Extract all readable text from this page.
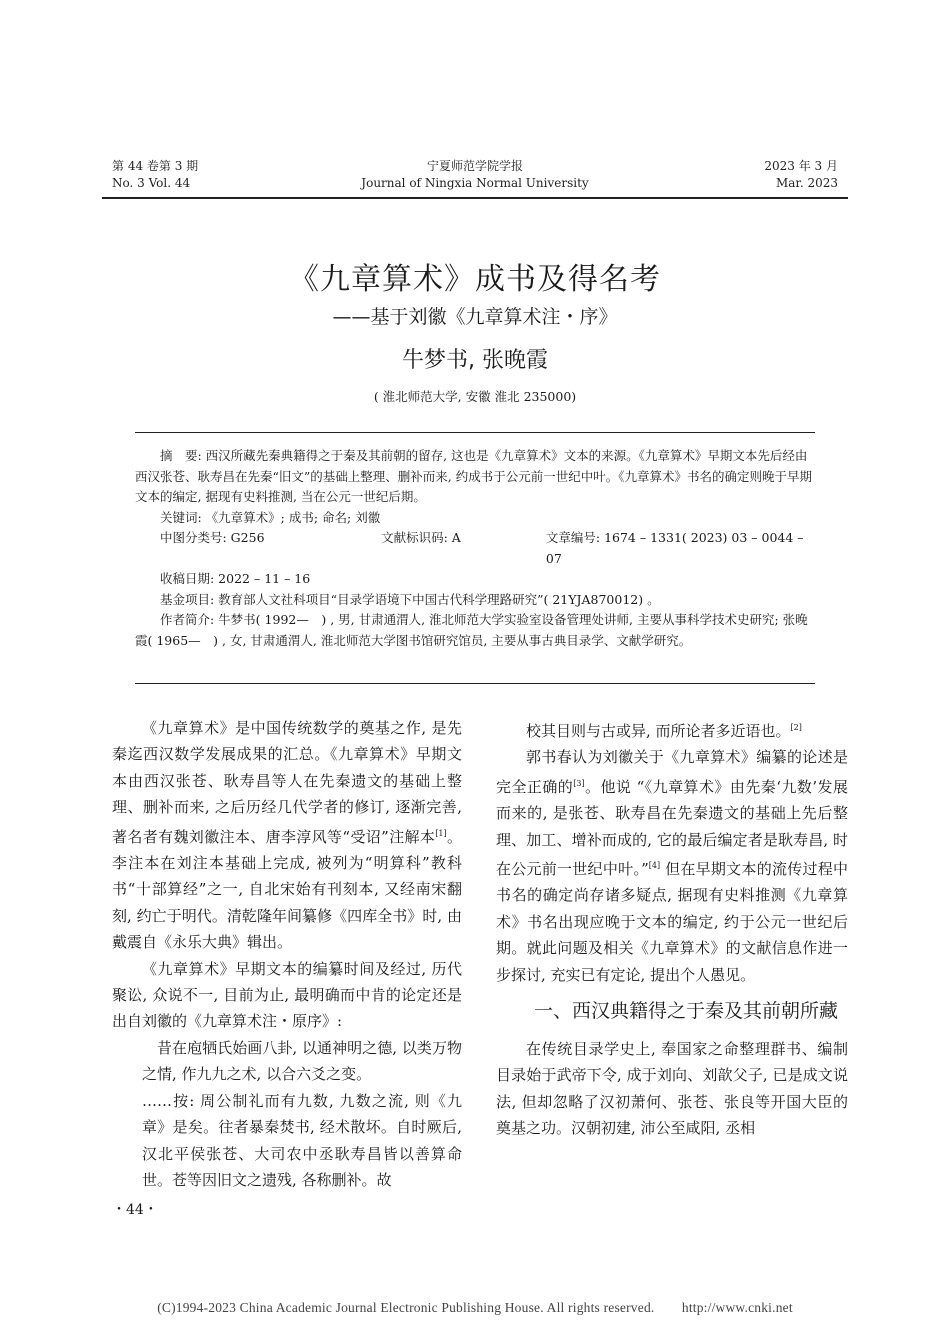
第 44 卷第 3 期
No. 3 Vol. 44
宁夏师范学院学报
Journal of Ningxia Normal University
2023 年 3 月
Mar. 2023
《九章算术》成书及得名考
——基于刘徽《九章算术注・序》
牛梦书, 张晚霞
( 淮北师范大学, 安徽 淮北 235000)

摘　要: 西汉所藏先秦典籍得之于秦及其前朝的留存, 这也是《九章算术》文本的来源。《九章算术》早期文本先后经由西汉张苍、耿寿昌在先秦“旧文”的基础上整理、删补而来, 约成书于公元前一世纪中叶。《九章算术》书名的确定则晚于早期文本的编定, 据现有史料推测, 当在公元一世纪后期。

关键词: 《九章算术》; 成书; 命名; 刘徽

中图分类号: G256	文献标识码: A	文章编号: 1674 – 1331( 2023) 03 – 0044 – 07

收稿日期: 2022 – 11 – 16

基金项目: 教育部人文社科项目“目录学语境下中国古代科学理路研究”( 21YJA870012) 。

作者简介: 牛梦书( 1992—　) , 男, 甘肃通渭人, 淮北师范大学实验室设备管理处讲师, 主要从事科学技术史研究; 张晚霞( 1965—　) , 女, 甘肃通渭人, 淮北师范大学图书馆研究馆员, 主要从事古典目录学、文献学研究。

《九章算术》是中国传统数学的奠基之作, 是先秦迄西汉数学发展成果的汇总。《九章算术》早期文本由西汉张苍、耿寿昌等人在先秦遗文的基础上整理、删补而来, 之后历经几代学者的修订, 逐渐完善, 著名者有魏刘徽注本、唐李淳风等“受诏”注解本[1]。李注本在刘注本基础上完成, 被列为“明算科”教科书“十部算经”之一, 自北宋始有刊刻本, 又经南宋翻刻, 约亡于明代。清乾隆年间纂修《四库全书》时, 由戴震自《永乐大典》辑出。

《九章算术》早期文本的编纂时间及经过, 历代聚讼, 众说不一, 目前为止, 最明确而中肯的论定还是出自刘徽的《九章算术注・原序》:

昔在庖牺氏始画八卦, 以通神明之德, 以类万物之情, 作九九之术, 以合六爻之变。

……按: 周公制礼而有九数, 九数之流, 则《九章》是矣。往者暴秦焚书, 经术散坏。自时厥后, 汉北平侯张苍、大司农中丞耿寿昌皆以善算命世。苍等因旧文之遗残, 各称删补。故

校其目则与古或异, 而所论者多近语也。[2]

郭书春认为刘徽关于《九章算术》编纂的论述是完全正确的[3]。他说 “《九章算术》由先秦‘九数’发展而来的, 是张苍、耿寿昌在先秦遗文的基础上先后整理、加工、增补而成的, 它的最后编定者是耿寿昌, 时在公元前一世纪中叶。”[4] 但在早期文本的流传过程中书名的确定尚存诸多疑点, 据现有史料推测《九章算术》书名出现应晚于文本的编定, 约于公元一世纪后期。就此问题及相关《九章算术》的文献信息作进一步探讨, 充实已有定论, 提出个人愚见。

一、西汉典籍得之于秦及其前朝所藏

在传统目录学史上, 奉国家之命整理群书、编制目录始于武帝下令, 成于刘向、刘歆父子, 已是成文说法, 但却忽略了汉初萧何、张苍、张良等开国大臣的奠基之功。汉朝初建, 沛公至咸阳, 丞相

・44・
(C)1994-2023 China Academic Journal Electronic Publishing House. All rights reserved.　　http://www.cnki.net
